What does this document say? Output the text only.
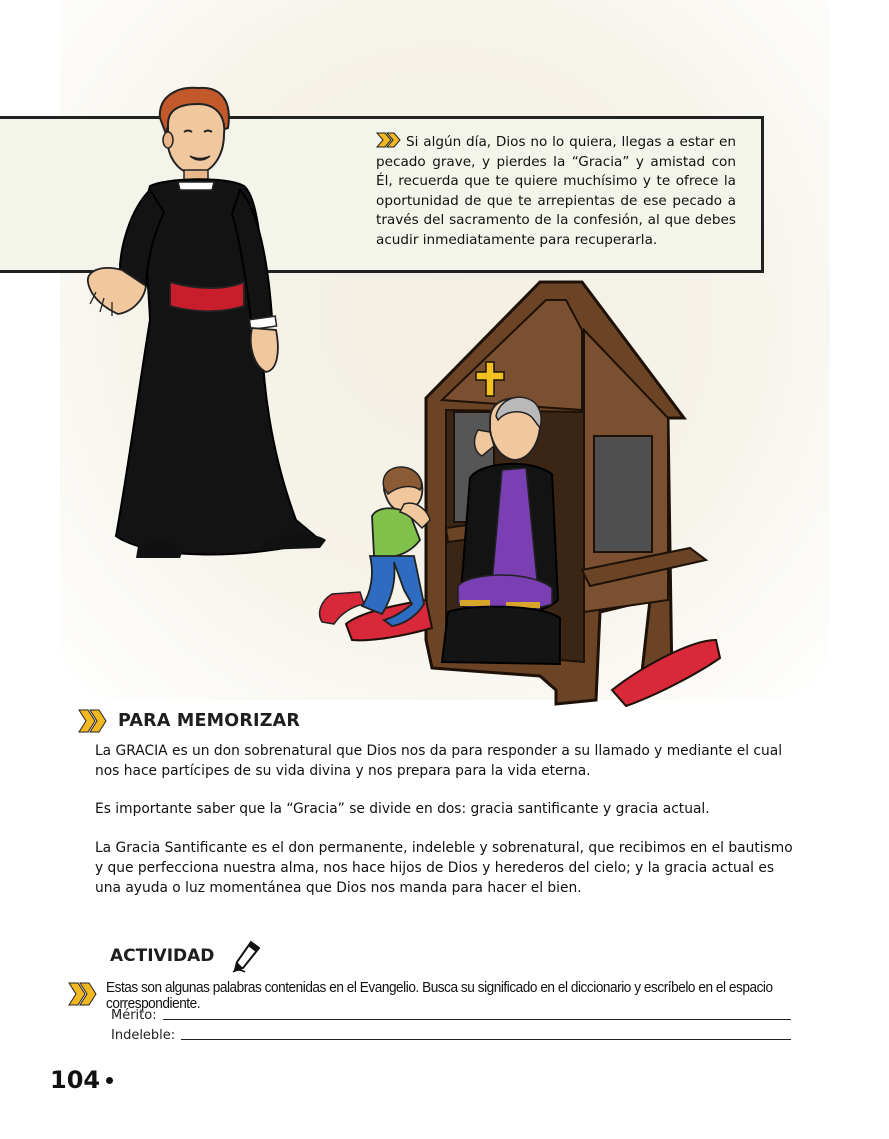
Si algún día, Dios no lo quiera, llegas a estar en pecado grave, y pierdes la “Gracia” y amistad con Él, recuerda que te quiere muchísimo y te ofrece la oportunidad de que te arrepientas de ese pecado a través del sacramento de la confesión, al que debes acudir inmediatamente para recuperarla.
PARA MEMORIZAR

La GRACIA es un don sobrenatural que Dios nos da para responder a su llamado y mediante el cual nos hace partícipes de su vida divina y nos prepara para la vida eterna.

Es importante saber que la “Gracia” se divide en dos: gracia santificante y gracia actual.

La Gracia Santificante es el don permanente, indeleble y sobrenatural, que recibimos en el bautismo y que perfecciona nuestra alma, nos hace hijos de Dios y herederos del cielo; y la gracia actual es una ayuda o luz momentánea que Dios nos manda para hacer el bien.

ACTIVIDAD
Estas son algunas palabras contenidas en el Evangelio. Busca su significado en el diccionario y escríbelo en el espacio correspondiente.
Mérito:
Indeleble:
104
